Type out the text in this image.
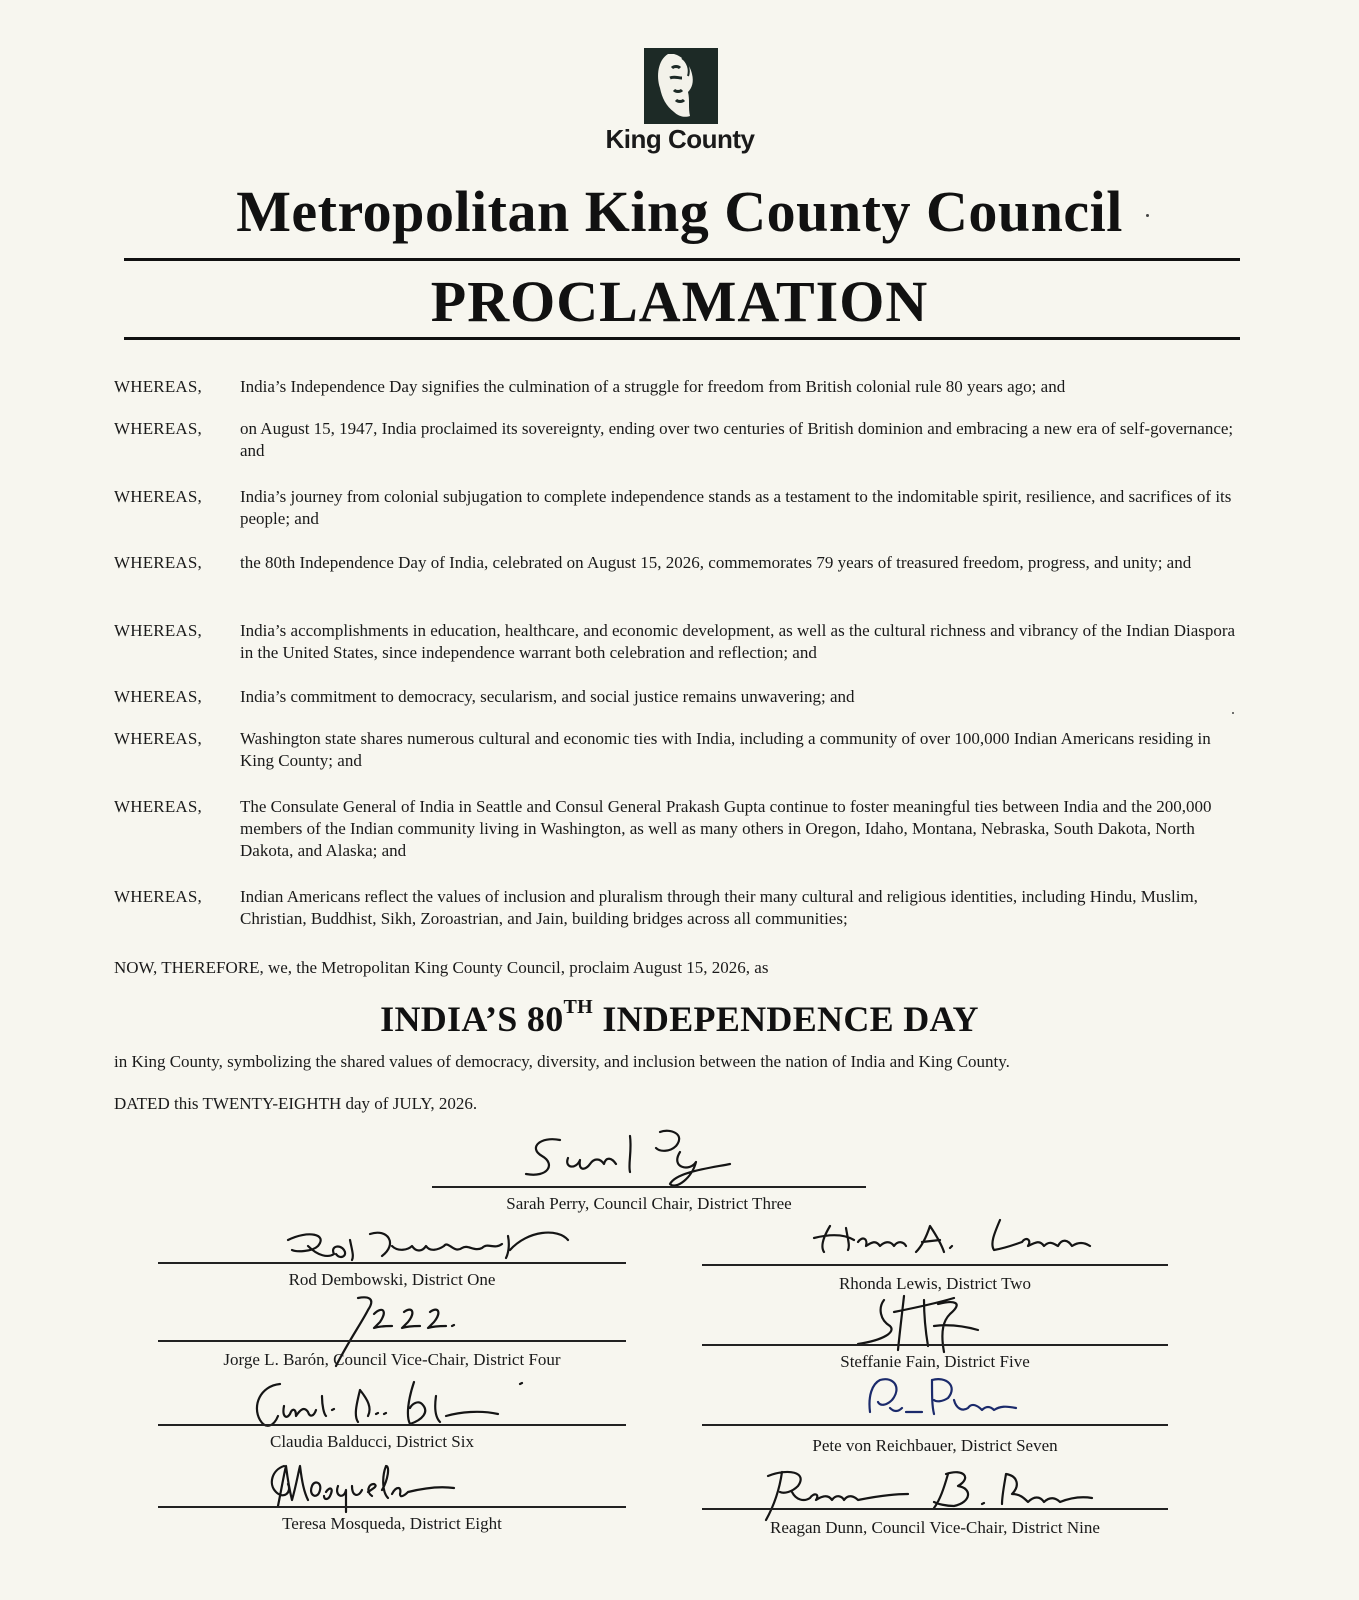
King County
Metropolitan King County Council
PROCLAMATION
WHEREAS,	India’s Independence Day signifies the culmination of a struggle for freedom from British colonial rule 80 years ago; and
WHEREAS,	on August 15, 1947, India proclaimed its sovereignty, ending over two centuries of British dominion and embracing a new era of self-governance; and
WHEREAS,	India’s journey from colonial subjugation to complete independence stands as a testament to the indomitable spirit, resilience, and sacrifices of its people; and
WHEREAS,	the 80th Independence Day of India, celebrated on August 15, 2026, commemorates 79 years of treasured freedom, progress, and unity; and
WHEREAS,	India’s accomplishments in education, healthcare, and economic development, as well as the cultural richness and vibrancy of the Indian Diaspora in the United States, since independence warrant both celebration and reflection; and
WHEREAS,	India’s commitment to democracy, secularism, and social justice remains unwavering; and
WHEREAS,	Washington state shares numerous cultural and economic ties with India, including a community of over 100,000 Indian Americans residing in King County; and
WHEREAS,	The Consulate General of India in Seattle and Consul General Prakash Gupta continue to foster meaningful ties between India and the 200,000 members of the Indian community living in Washington, as well as many others in Oregon, Idaho, Montana, Nebraska, South Dakota, North Dakota, and Alaska; and
WHEREAS,	Indian Americans reflect the values of inclusion and pluralism through their many cultural and religious identities, including Hindu, Muslim, Christian, Buddhist, Sikh, Zoroastrian, and Jain, building bridges across all communities;
NOW, THEREFORE, we, the Metropolitan King County Council, proclaim August 15, 2026, as
INDIA’S 80TH INDEPENDENCE DAY
in King County, symbolizing the shared values of democracy, diversity, and inclusion between the nation of India and King County.
DATED this TWENTY-EIGHTH day of JULY, 2026.
Sarah Perry, Council Chair, District Three
Rod Dembowski, District One	Rhonda Lewis, District Two
Jorge L. Barón, Council Vice-Chair, District Four	Steffanie Fain, District Five
Claudia Balducci, District Six	Pete von Reichbauer, District Seven
Teresa Mosqueda, District Eight	Reagan Dunn, Council Vice-Chair, District Nine
